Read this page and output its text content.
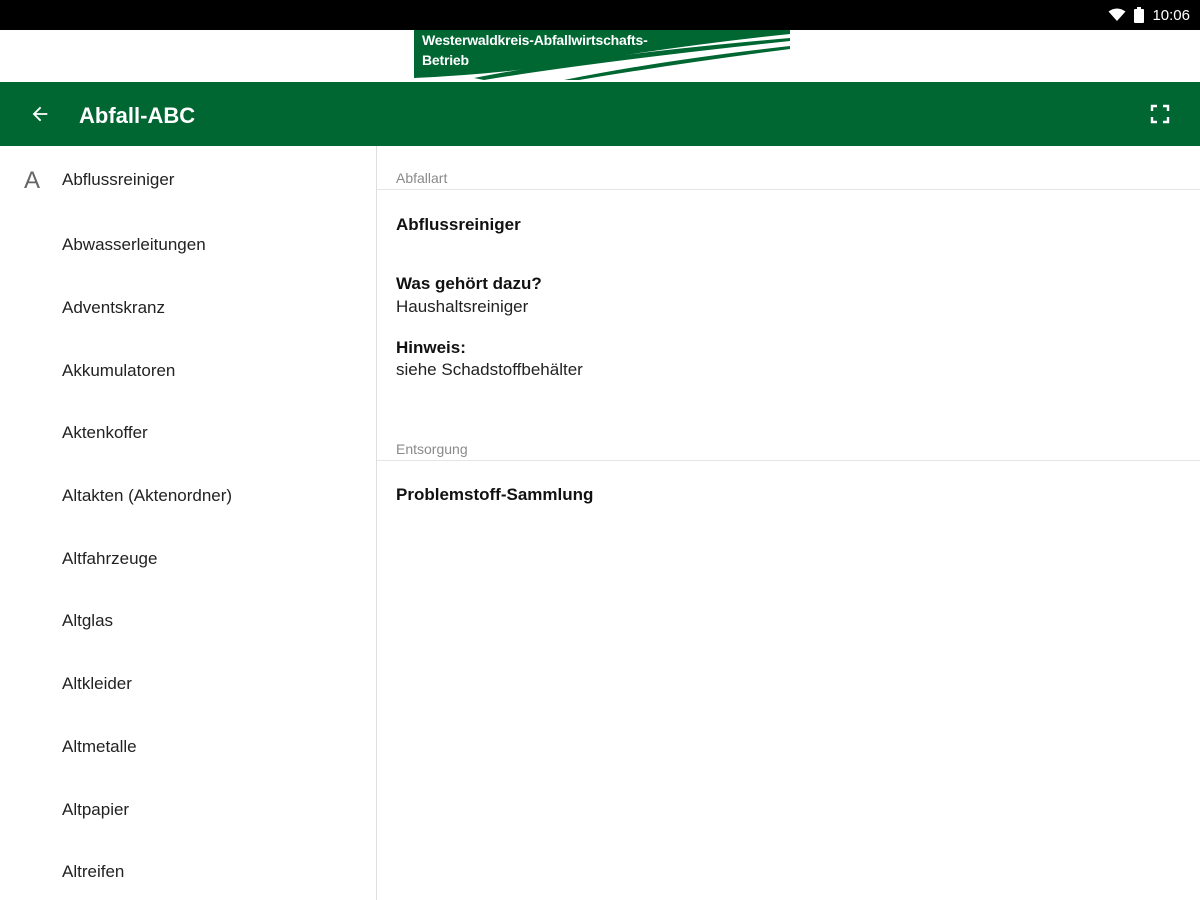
10:06
Westerwaldkreis-Abfallwirtschafts-
Betrieb
Abfall-ABC
A Abflussreiniger
Abwasserleitungen
Adventskranz
Akkumulatoren
Aktenkoffer
Altakten (Aktenordner)
Altfahrzeuge
Altglas
Altkleider
Altmetalle
Altpapier
Altreifen
Abfallart
Abflussreiniger
Was gehört dazu?
Haushaltsreiniger
Hinweis:
siehe Schadstoffbehälter
Entsorgung
Problemstoff-Sammlung
